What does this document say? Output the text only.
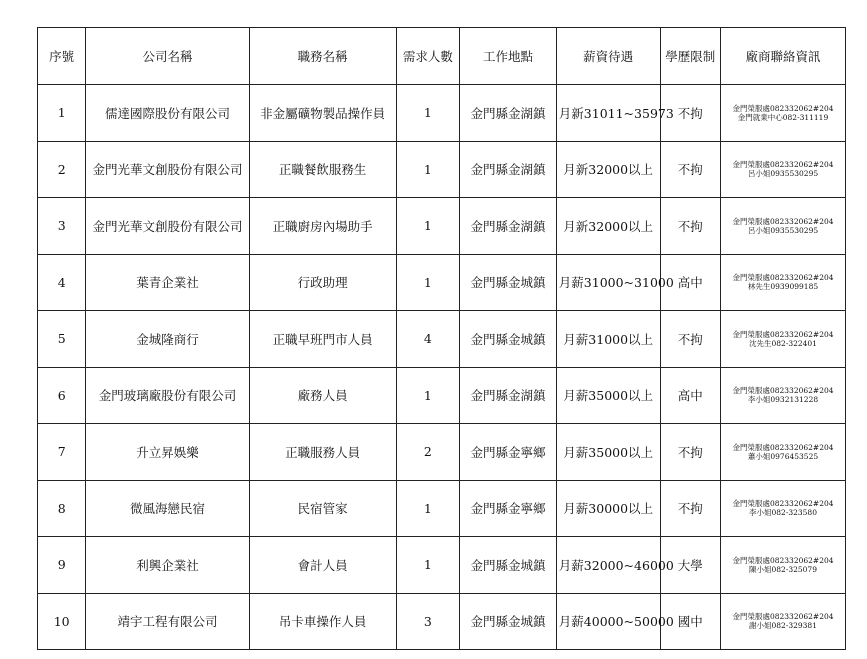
序號	公司名稱	職務名稱	需求人數	工作地點	薪資待遇	學歷限制	廠商聯絡資訊
1	儒達國際股份有限公司	非金屬礦物製品操作員	1	金門縣金湖鎮	月新31011~35973	不拘	金門榮服處082332062#204
金門就業中心082-311119

2	金門光華文創股份有限公司	正職餐飲服務生	1	金門縣金湖鎮	月新32000以上	不拘	金門榮服處082332062#204
呂小姐0935530295

3	金門光華文創股份有限公司	正職廚房內場助手	1	金門縣金湖鎮	月新32000以上	不拘	金門榮服處082332062#204
呂小姐0935530295

4	葉青企業社	行政助理	1	金門縣金城鎮	月薪31000~31000	高中	金門榮服處082332062#204
林先生0939099185

5	金城隆商行	正職早班門市人員	4	金門縣金城鎮	月薪31000以上	不拘	金門榮服處082332062#204
沈先生082-322401

6	金門玻璃廠股份有限公司	廠務人員	1	金門縣金湖鎮	月薪35000以上	高中	金門榮服處082332062#204
李小姐0932131228

7	升立昇娛樂	正職服務人員	2	金門縣金寧鄉	月薪35000以上	不拘	金門榮服處082332062#204
蕭小姐0976453525

8	微風海戀民宿	民宿管家	1	金門縣金寧鄉	月薪30000以上	不拘	金門榮服處082332062#204
李小姐082-323580

9	利興企業社	會計人員	1	金門縣金城鎮	月薪32000~46000	大學	金門榮服處082332062#204
陳小姐082-325079

10	靖宇工程有限公司	吊卡車操作人員	3	金門縣金城鎮	月薪40000~50000	國中	金門榮服處082332062#204
謝小姐082-329381
